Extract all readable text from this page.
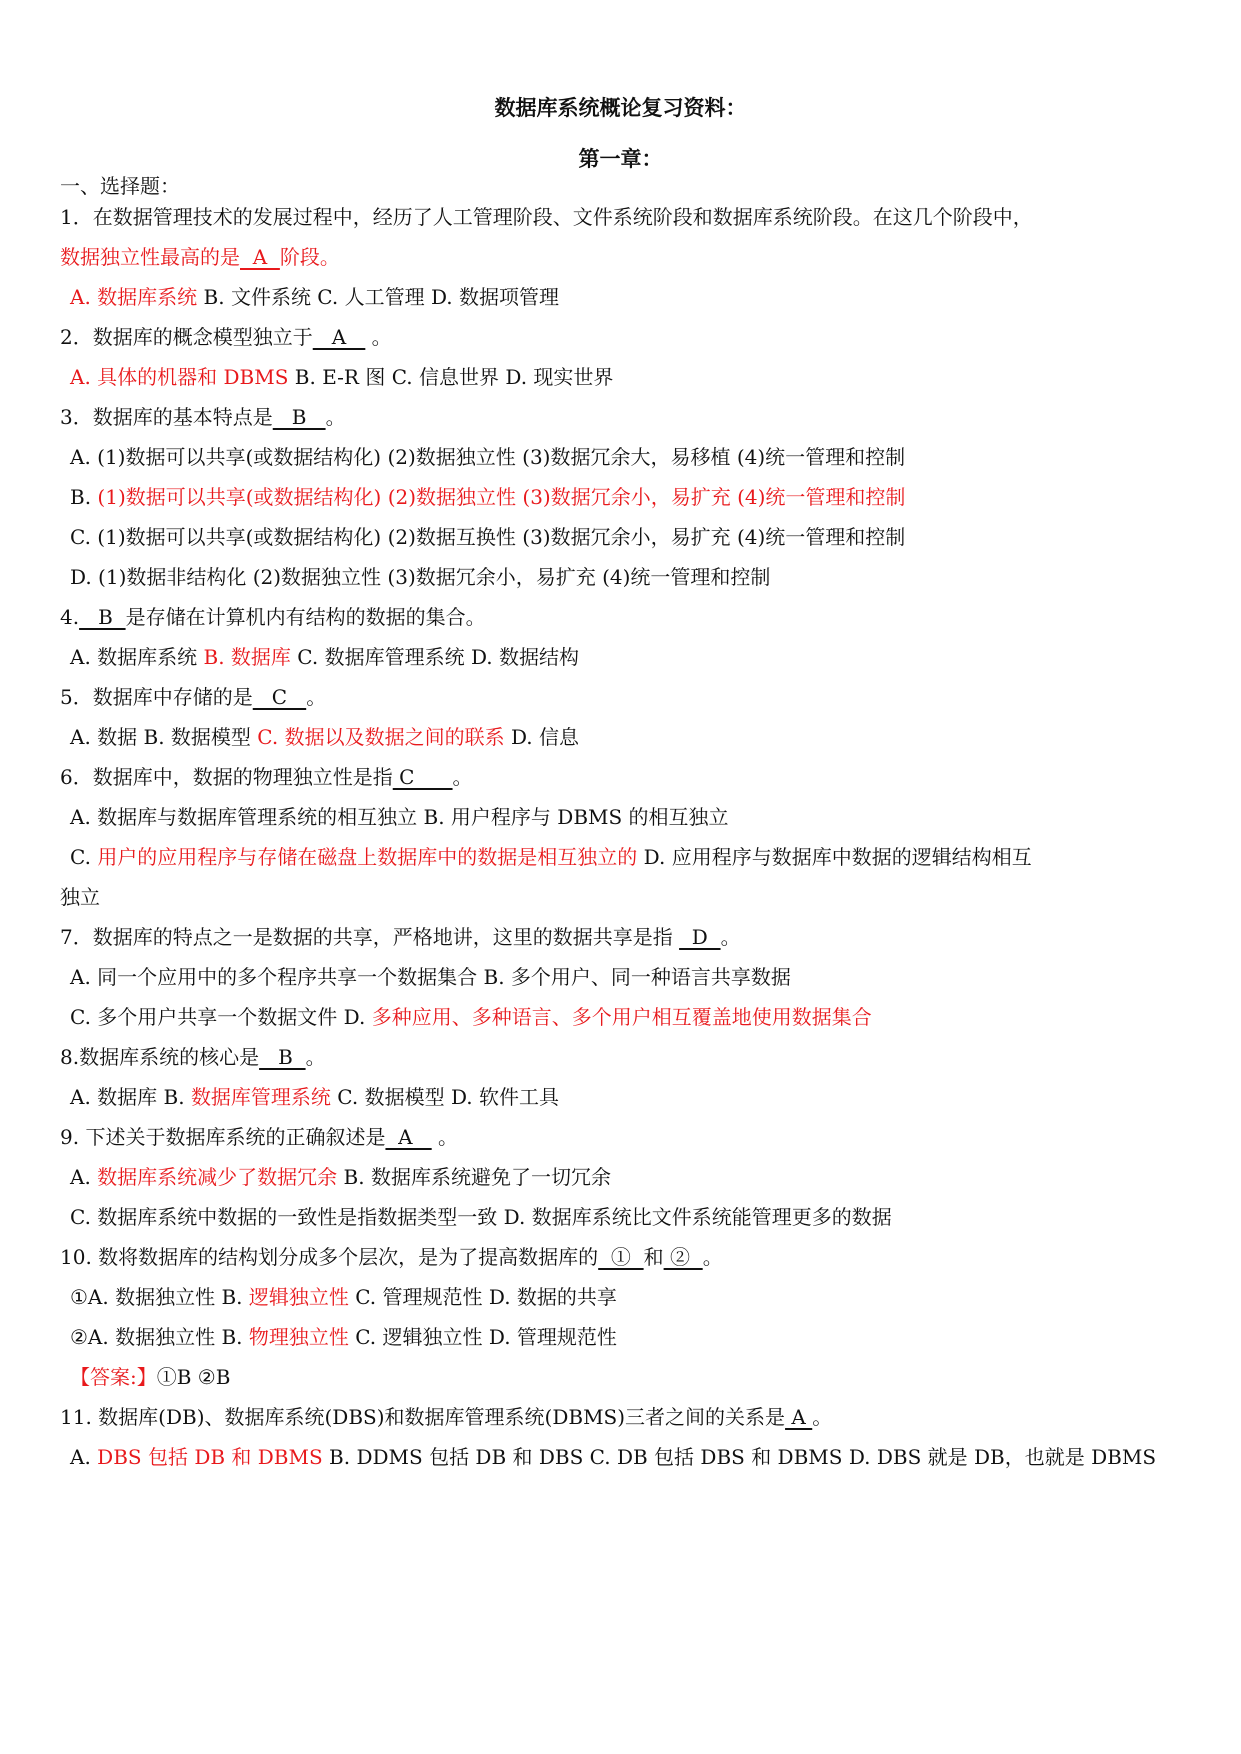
数据库系统概论复习资料：
第一章：
一、选择题：
1．在数据管理技术的发展过程中，经历了人工管理阶段、文件系统阶段和数据库系统阶段。在这几个阶段中，
数据独立性最高的是  A  阶段。
A. 数据库系统 B. 文件系统 C. 人工管理 D. 数据项管理
2．数据库的概念模型独立于   A    。
A. 具体的机器和 DBMS B. E-R 图 C. 信息世界 D. 现实世界
3．数据库的基本特点是   B   。
A. (1)数据可以共享(或数据结构化) (2)数据独立性 (3)数据冗余大，易移植 (4)统一管理和控制
B. (1)数据可以共享(或数据结构化) (2)数据独立性 (3)数据冗余小，易扩充 (4)统一管理和控制
C. (1)数据可以共享(或数据结构化) (2)数据互换性 (3)数据冗余小，易扩充 (4)统一管理和控制
D. (1)数据非结构化 (2)数据独立性 (3)数据冗余小，易扩充 (4)统一管理和控制
4.   B  是存储在计算机内有结构的数据的集合。
A. 数据库系统 B. 数据库 C. 数据库管理系统 D. 数据结构
5．数据库中存储的是   C   。
A. 数据 B. 数据模型 C. 数据以及数据之间的联系 D. 信息
6．数据库中，数据的物理独立性是指 C      。
A. 数据库与数据库管理系统的相互独立 B. 用户程序与 DBMS 的相互独立
C. 用户的应用程序与存储在磁盘上数据库中的数据是相互独立的 D. 应用程序与数据库中数据的逻辑结构相互
独立
7．数据库的特点之一是数据的共享，严格地讲，这里的数据共享是指   D  。
A. 同一个应用中的多个程序共享一个数据集合 B. 多个用户、同一种语言共享数据
C. 多个用户共享一个数据文件 D. 多种应用、多种语言、多个用户相互覆盖地使用数据集合
8.数据库系统的核心是   B  。
A. 数据库 B. 数据库管理系统 C. 数据模型 D. 软件工具
9. 下述关于数据库系统的正确叙述是  A    。
A. 数据库系统减少了数据冗余 B. 数据库系统避免了一切冗余
C. 数据库系统中数据的一致性是指数据类型一致 D. 数据库系统比文件系统能管理更多的数据
10. 数将数据库的结构划分成多个层次，是为了提高数据库的  ①  和 ②  。
①A. 数据独立性 B. 逻辑独立性 C. 管理规范性 D. 数据的共享
②A. 数据独立性 B. 物理独立性 C. 逻辑独立性 D. 管理规范性
【答案:】①B ②B
11. 数据库(DB)、数据库系统(DBS)和数据库管理系统(DBMS)三者之间的关系是 A 。
A. DBS 包括 DB 和 DBMS B. DDMS 包括 DB 和 DBS C. DB 包括 DBS 和 DBMS D. DBS 就是 DB，也就是 DBMS
